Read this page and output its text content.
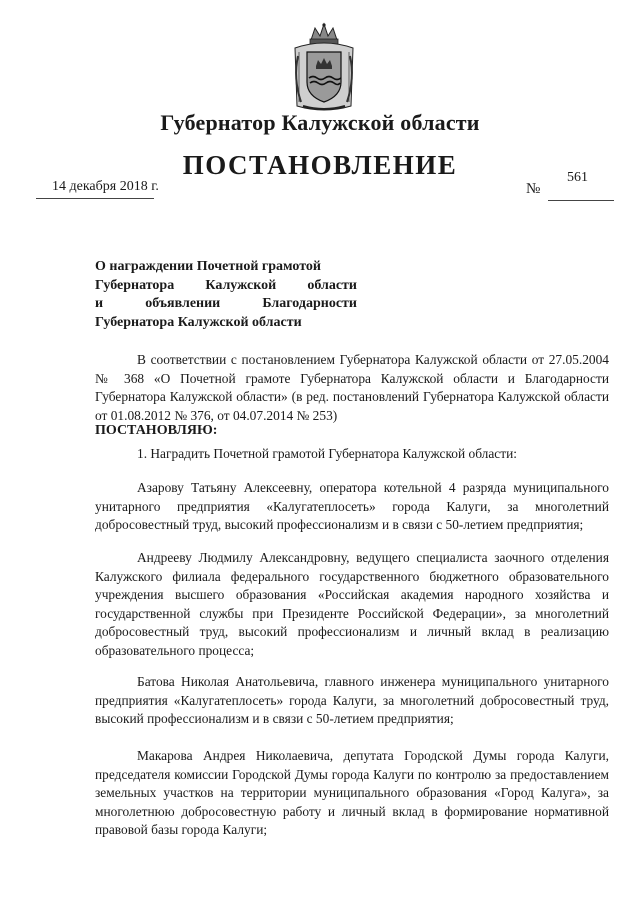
Губернатор Калужской области
ПОСТАНОВЛЕНИЕ
14 декабря 2018 г.	№
561
О награждении Почетной грамотой
Губернатора Калужской области
и объявлении Благодарности
Губернатора Калужской области

В соответствии с постановлением Губернатора Калужской области от 27.05.2004 № 368 «О Почетной грамоте Губернатора Калужской области и Благодарности Губернатора Калужской области» (в ред. постановлений Губернатора Калужской области от 01.08.2012 № 376, от 04.07.2014 № 253)

ПОСТАНОВЛЯЮ:

1. Наградить Почетной грамотой Губернатора Калужской области:

Азарову Татьяну Алексеевну, оператора котельной 4 разряда муниципального унитарного предприятия «Калугатеплосеть» города Калуги, за многолетний добросовестный труд, высокий профессионализм и в связи с 50-летием предприятия;

Андрееву Людмилу Александровну, ведущего специалиста заочного отделения Калужского филиала федерального государственного бюджетного образовательного учреждения высшего образования «Российская академия народного хозяйства и государственной службы при Президенте Российской Федерации», за многолетний добросовестный труд, высокий профессионализм и личный вклад в реализацию образовательного процесса;

Батова Николая Анатольевича, главного инженера муниципального унитарного предприятия «Калугатеплосеть» города Калуги, за многолетний добросовестный труд, высокий профессионализм и в связи с 50-летием предприятия;

Макарова Андрея Николаевича, депутата Городской Думы города Калуги, председателя комиссии Городской Думы города Калуги по контролю за предоставлением земельных участков на территории муниципального образования «Город Калуга», за многолетнюю добросовестную работу и личный вклад в формирование нормативной правовой базы города Калуги;
